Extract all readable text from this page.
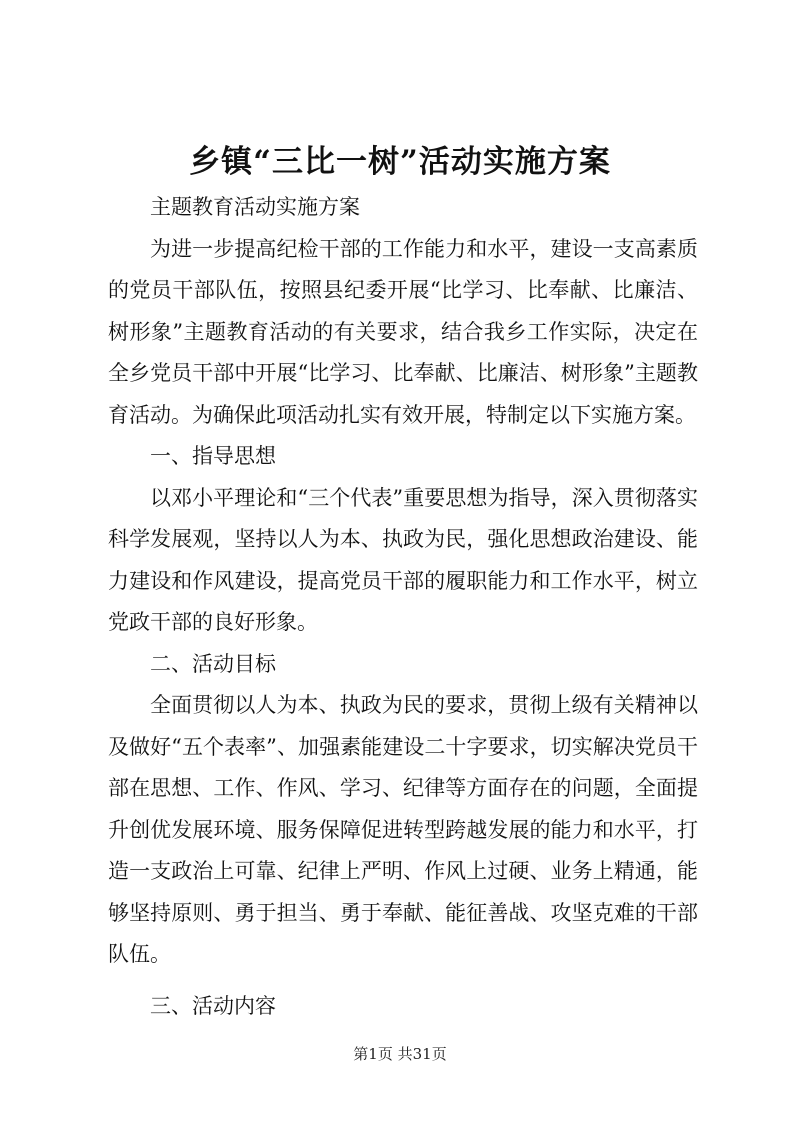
乡镇“三比一树”活动实施方案

主题教育活动实施方案

为进一步提高纪检干部的工作能力和水平，建设一支高素质的党员干部队伍，按照县纪委开展“比学习、比奉献、比廉洁、树形象”主题教育活动的有关要求，结合我乡工作实际，决定在全乡党员干部中开展“比学习、比奉献、比廉洁、树形象”主题教育活动。为确保此项活动扎实有效开展，特制定以下实施方案。

一、指导思想

以邓小平理论和“三个代表”重要思想为指导，深入贯彻落实科学发展观，坚持以人为本、执政为民，强化思想政治建设、能力建设和作风建设，提高党员干部的履职能力和工作水平，树立党政干部的良好形象。

二、活动目标

全面贯彻以人为本、执政为民的要求，贯彻上级有关精神以及做好“五个表率”、加强素能建设二十字要求，切实解决党员干部在思想、工作、作风、学习、纪律等方面存在的问题，全面提升创优发展环境、服务保障促进转型跨越发展的能力和水平，打造一支政治上可靠、纪律上严明、作风上过硬、业务上精通，能够坚持原则、勇于担当、勇于奉献、能征善战、攻坚克难的干部队伍。

三、活动内容

第1页 共31页
